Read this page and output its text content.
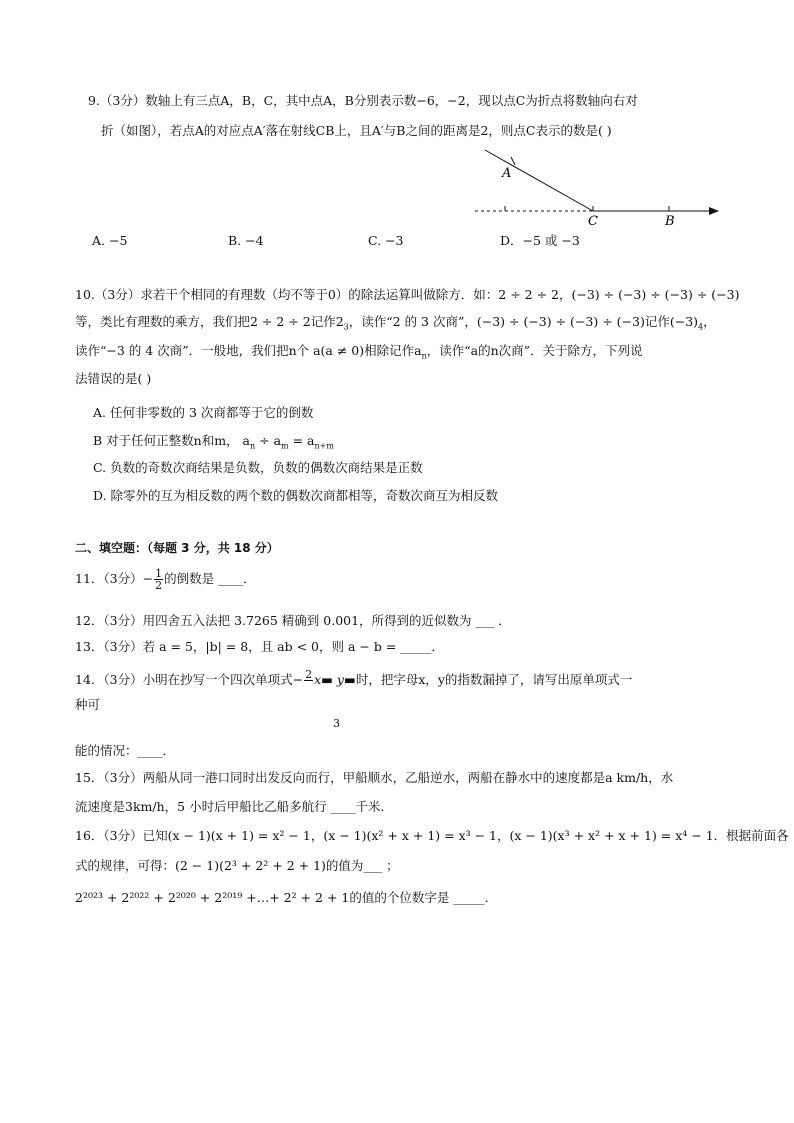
9.（3分）数轴上有三点A，B，C，其中点A，B分别表示数−6，−2，现以点C为折点将数轴向右对
折（如图），若点A的对应点A′落在射线CB上，且A′与B之间的距离是2，则点C表示的数是( )
A
C	B
A. −5	B. −4	C. −3	D．−5 或 −3
10.（3分）求若干个相同的有理数（均不等于0）的除法运算叫做除方．如：2 ÷ 2 ÷ 2，(−3) ÷ (−3) ÷ (−3) ÷ (−3)
等，类比有理数的乘方，我们把2 ÷ 2 ÷ 2记作$2_3$，读作“2 的 3 次商”，(−3) ÷ (−3) ÷ (−3) ÷ (−3)记作$(-3)_4$，
读作“−3 的 4 次商”．一般地，我们把n个 a(a ≠ 0)相除记作$a_n$，读作“a的n次商”．关于除方，下列说
法错误的是( )
A. 任何非零数的 3 次商都等于它的倒数
B 对于任何正整数n和m， $a_n \div a_m = a_{n+m}$
C. 负数的奇数次商结果是负数，负数的偶数次商结果是正数
D. 除零外的互为相反数的两个数的偶数次商都相等，奇数次商互为相反数
二、填空题：（每题 3 分，共 18 分）
11．（3分）− $\frac{1}{2}$ 的倒数是 ____．
12．（3分）用四舍五入法把 3.7265 精确到 0.001，所得到的近似数为 ___ ．
13．（3分）若 a = 5，|b| = 8，且 ab < 0，则 a − b = _____．
14．（3分）小明在抄写一个四次单项式− 2 x▬ y▬时，把字母x，y的指数漏掉了，请写出原单项式一
种可
3
能的情况：____．
15．（3分）两船从同一港口同时出发反向而行，甲船顺水，乙船逆水，两船在静水中的速度都是a km/h，水
流速度是3km/h，5 小时后甲船比乙船多航行 ____千米．
16．（3分）已知(x − 1)(x + 1) = x² − 1，(x − 1)(x² + x + 1) = x³ − 1，(x − 1)(x³ + x² + x + 1) = x⁴ − 1．根据前面各
式的规律，可得：(2 − 1)(2³ + 2² + 2 + 1)的值为___ ；
2²⁰²³ + 2²⁰²² + 2²⁰²⁰ + 2²⁰¹⁹ +…+ 2² + 2 + 1的值的个位数字是 _____．
